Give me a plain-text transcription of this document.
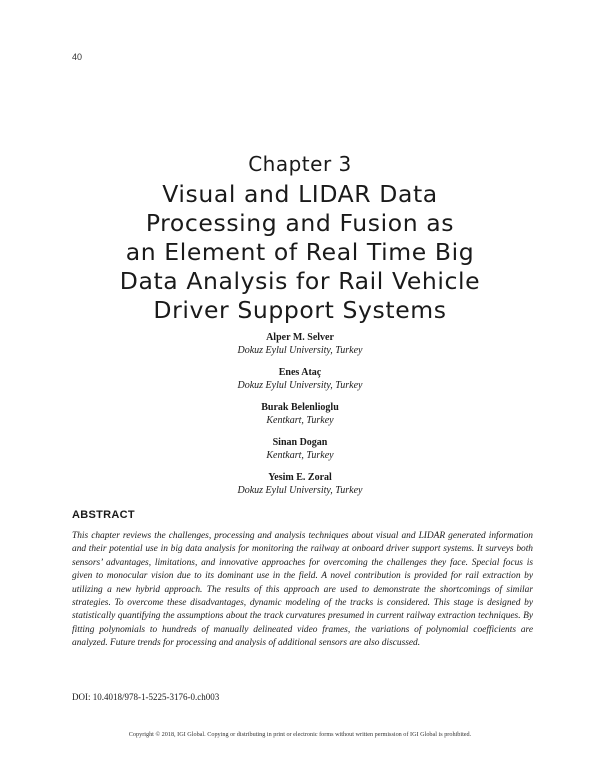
40
Chapter 3
Visual and LIDAR Data
Processing and Fusion as
an Element of Real Time Big
Data Analysis for Rail Vehicle
Driver Support Systems
Alper M. Selver
Dokuz Eylul University, Turkey
Enes Ataç
Dokuz Eylul University, Turkey
Burak Belenlioglu
Kentkart, Turkey
Sinan Dogan
Kentkart, Turkey
Yesim E. Zoral
Dokuz Eylul University, Turkey
ABSTRACT
This chapter reviews the challenges, processing and analysis techniques about visual and LIDAR generated information and their potential use in big data analysis for monitoring the railway at onboard driver support systems. It surveys both sensors’ advantages, limitations, and innovative approaches for overcoming the challenges they face. Special focus is given to monocular vision due to its dominant use in the field. A novel contribution is provided for rail extraction by utilizing a new hybrid approach. The results of this approach are used to demonstrate the shortcomings of similar strategies. To overcome these disadvantages, dynamic modeling of the tracks is considered. This stage is designed by statistically quantifying the assumptions about the track curvatures presumed in current railway extraction techniques. By fitting polynomials to hundreds of manually delineated video frames, the variations of polynomial coefficients are analyzed. Future trends for processing and analysis of additional sensors are also discussed.
DOI: 10.4018/978-1-5225-3176-0.ch003
Copyright © 2018, IGI Global. Copying or distributing in print or electronic forms without written permission of IGI Global is prohibited.
